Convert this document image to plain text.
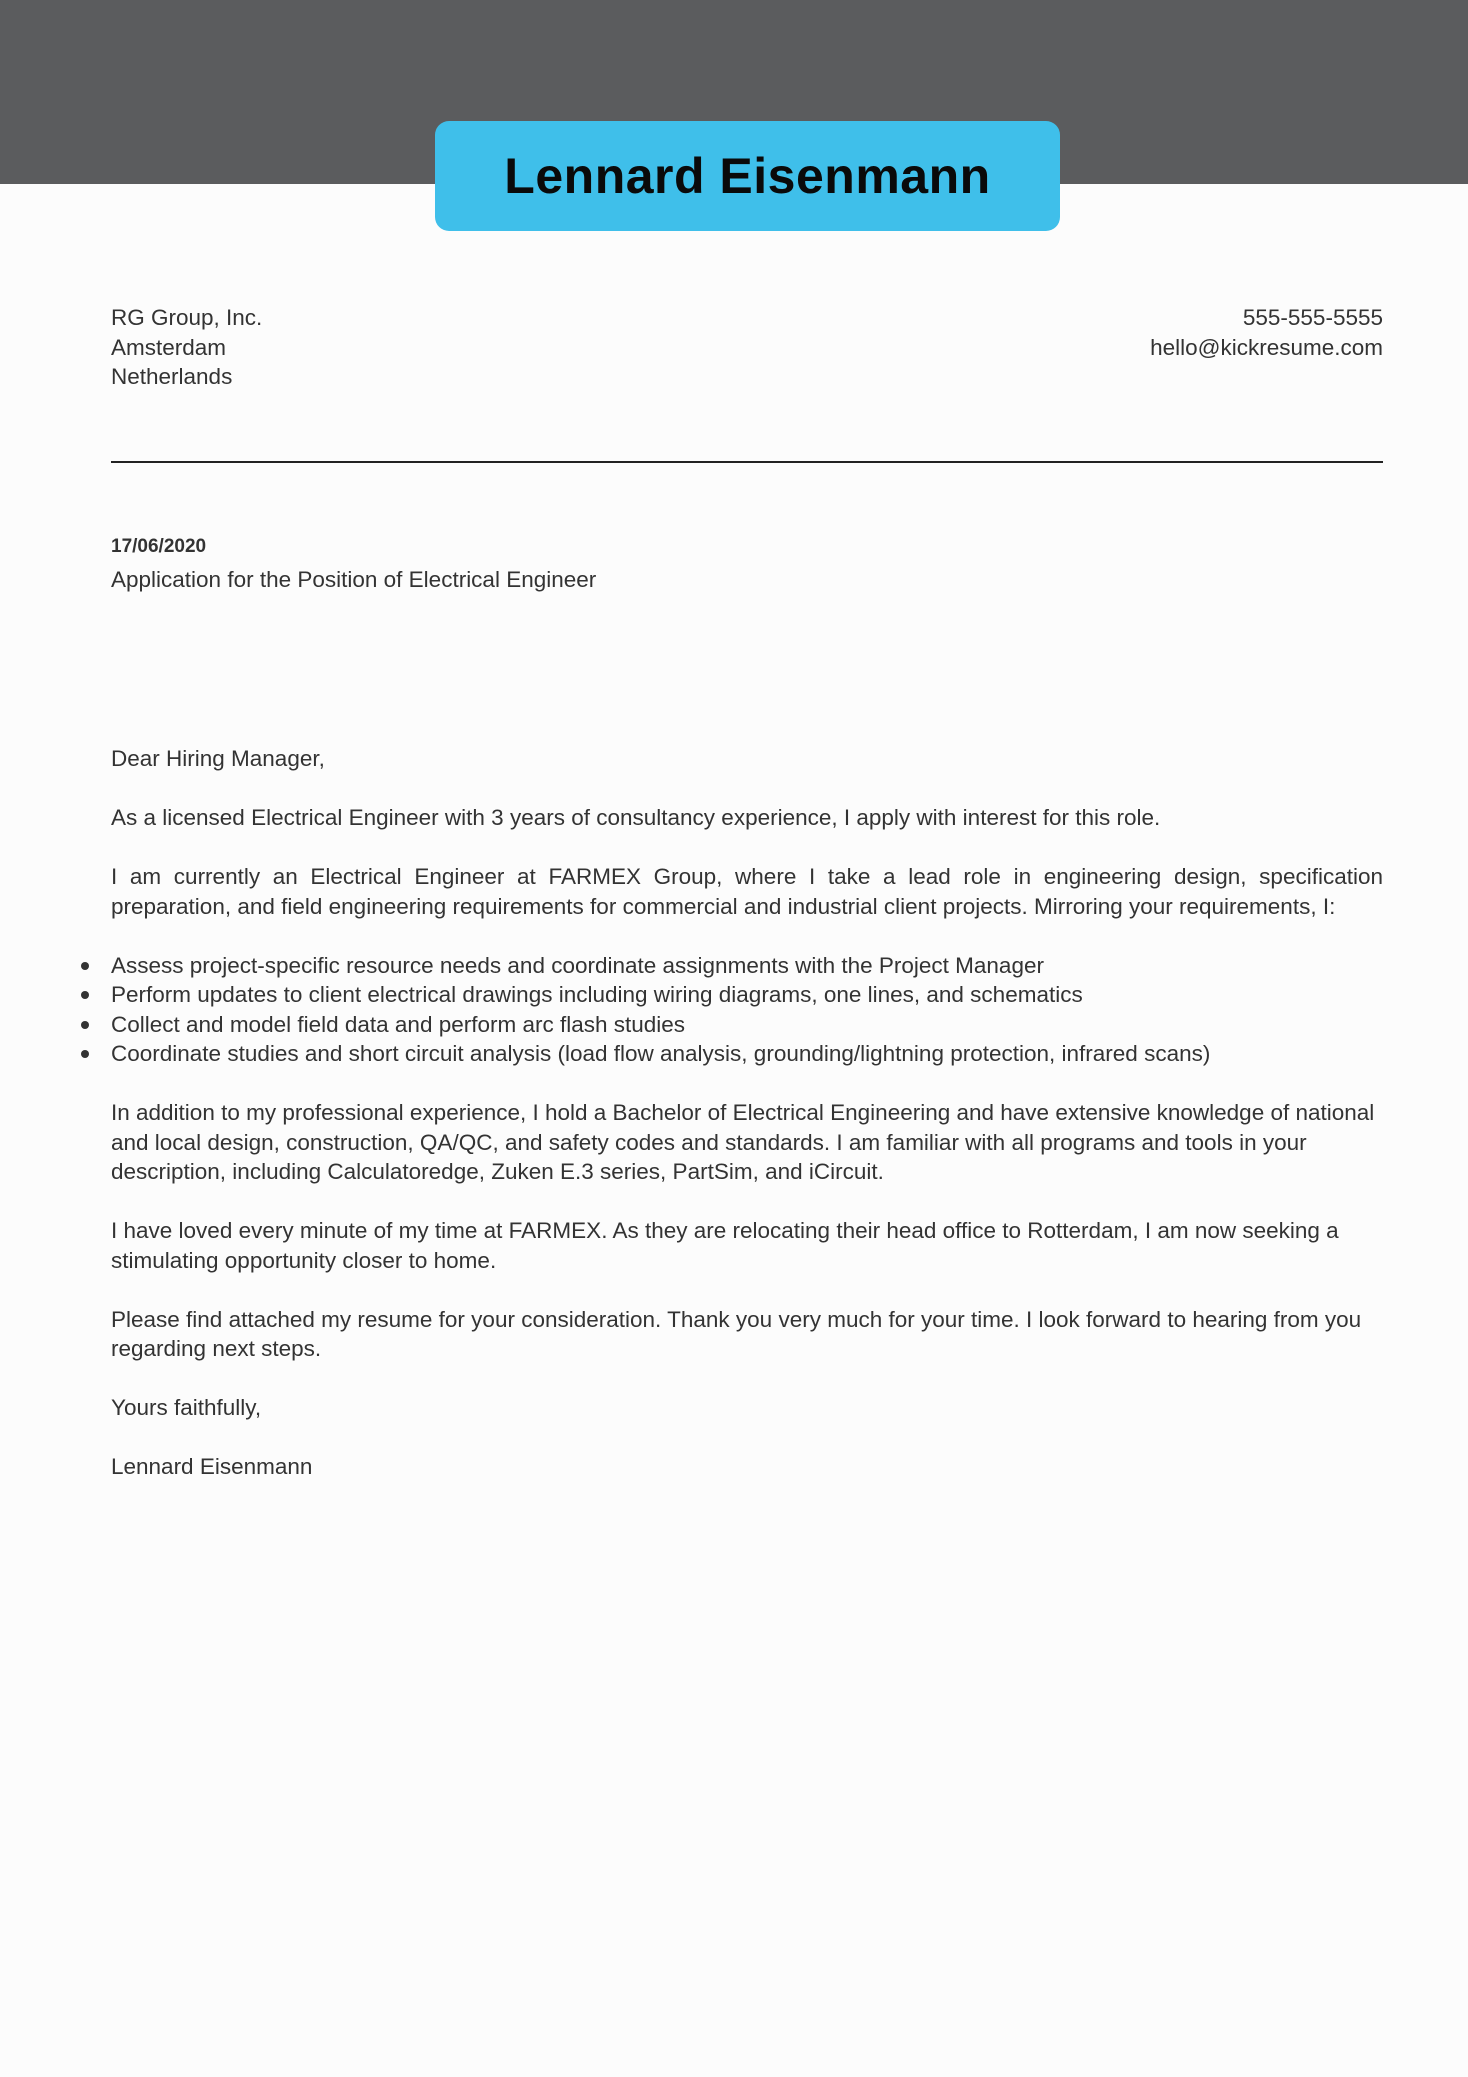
Lennard Eisenmann
RG Group, Inc.
Amsterdam
Netherlands
555-555-5555
hello@kickresume.com
17/06/2020
Application for the Position of Electrical Engineer

Dear Hiring Manager,

As a licensed Electrical Engineer with 3 years of consultancy experience, I apply with interest for this role.

I am currently an Electrical Engineer at FARMEX Group, where I take a lead role in engineering design, specification preparation, and field engineering requirements for commercial and industrial client projects. Mirroring your requirements, I:

Assess project-specific resource needs and coordinate assignments with the Project Manager
Perform updates to client electrical drawings including wiring diagrams, one lines, and schematics
Collect and model field data and perform arc flash studies
Coordinate studies and short circuit analysis (load flow analysis, grounding/lightning protection, infrared scans)

In addition to my professional experience, I hold a Bachelor of Electrical Engineering and have extensive knowledge of national and local design, construction, QA/QC, and safety codes and standards. I am familiar with all programs and tools in your description, including Calculatoredge, Zuken E.3 series, PartSim, and iCircuit.

I have loved every minute of my time at FARMEX. As they are relocating their head office to Rotterdam, I am now seeking a stimulating opportunity closer to home.

Please find attached my resume for your consideration. Thank you very much for your time. I look forward to hearing from you regarding next steps.

Yours faithfully,

Lennard Eisenmann
